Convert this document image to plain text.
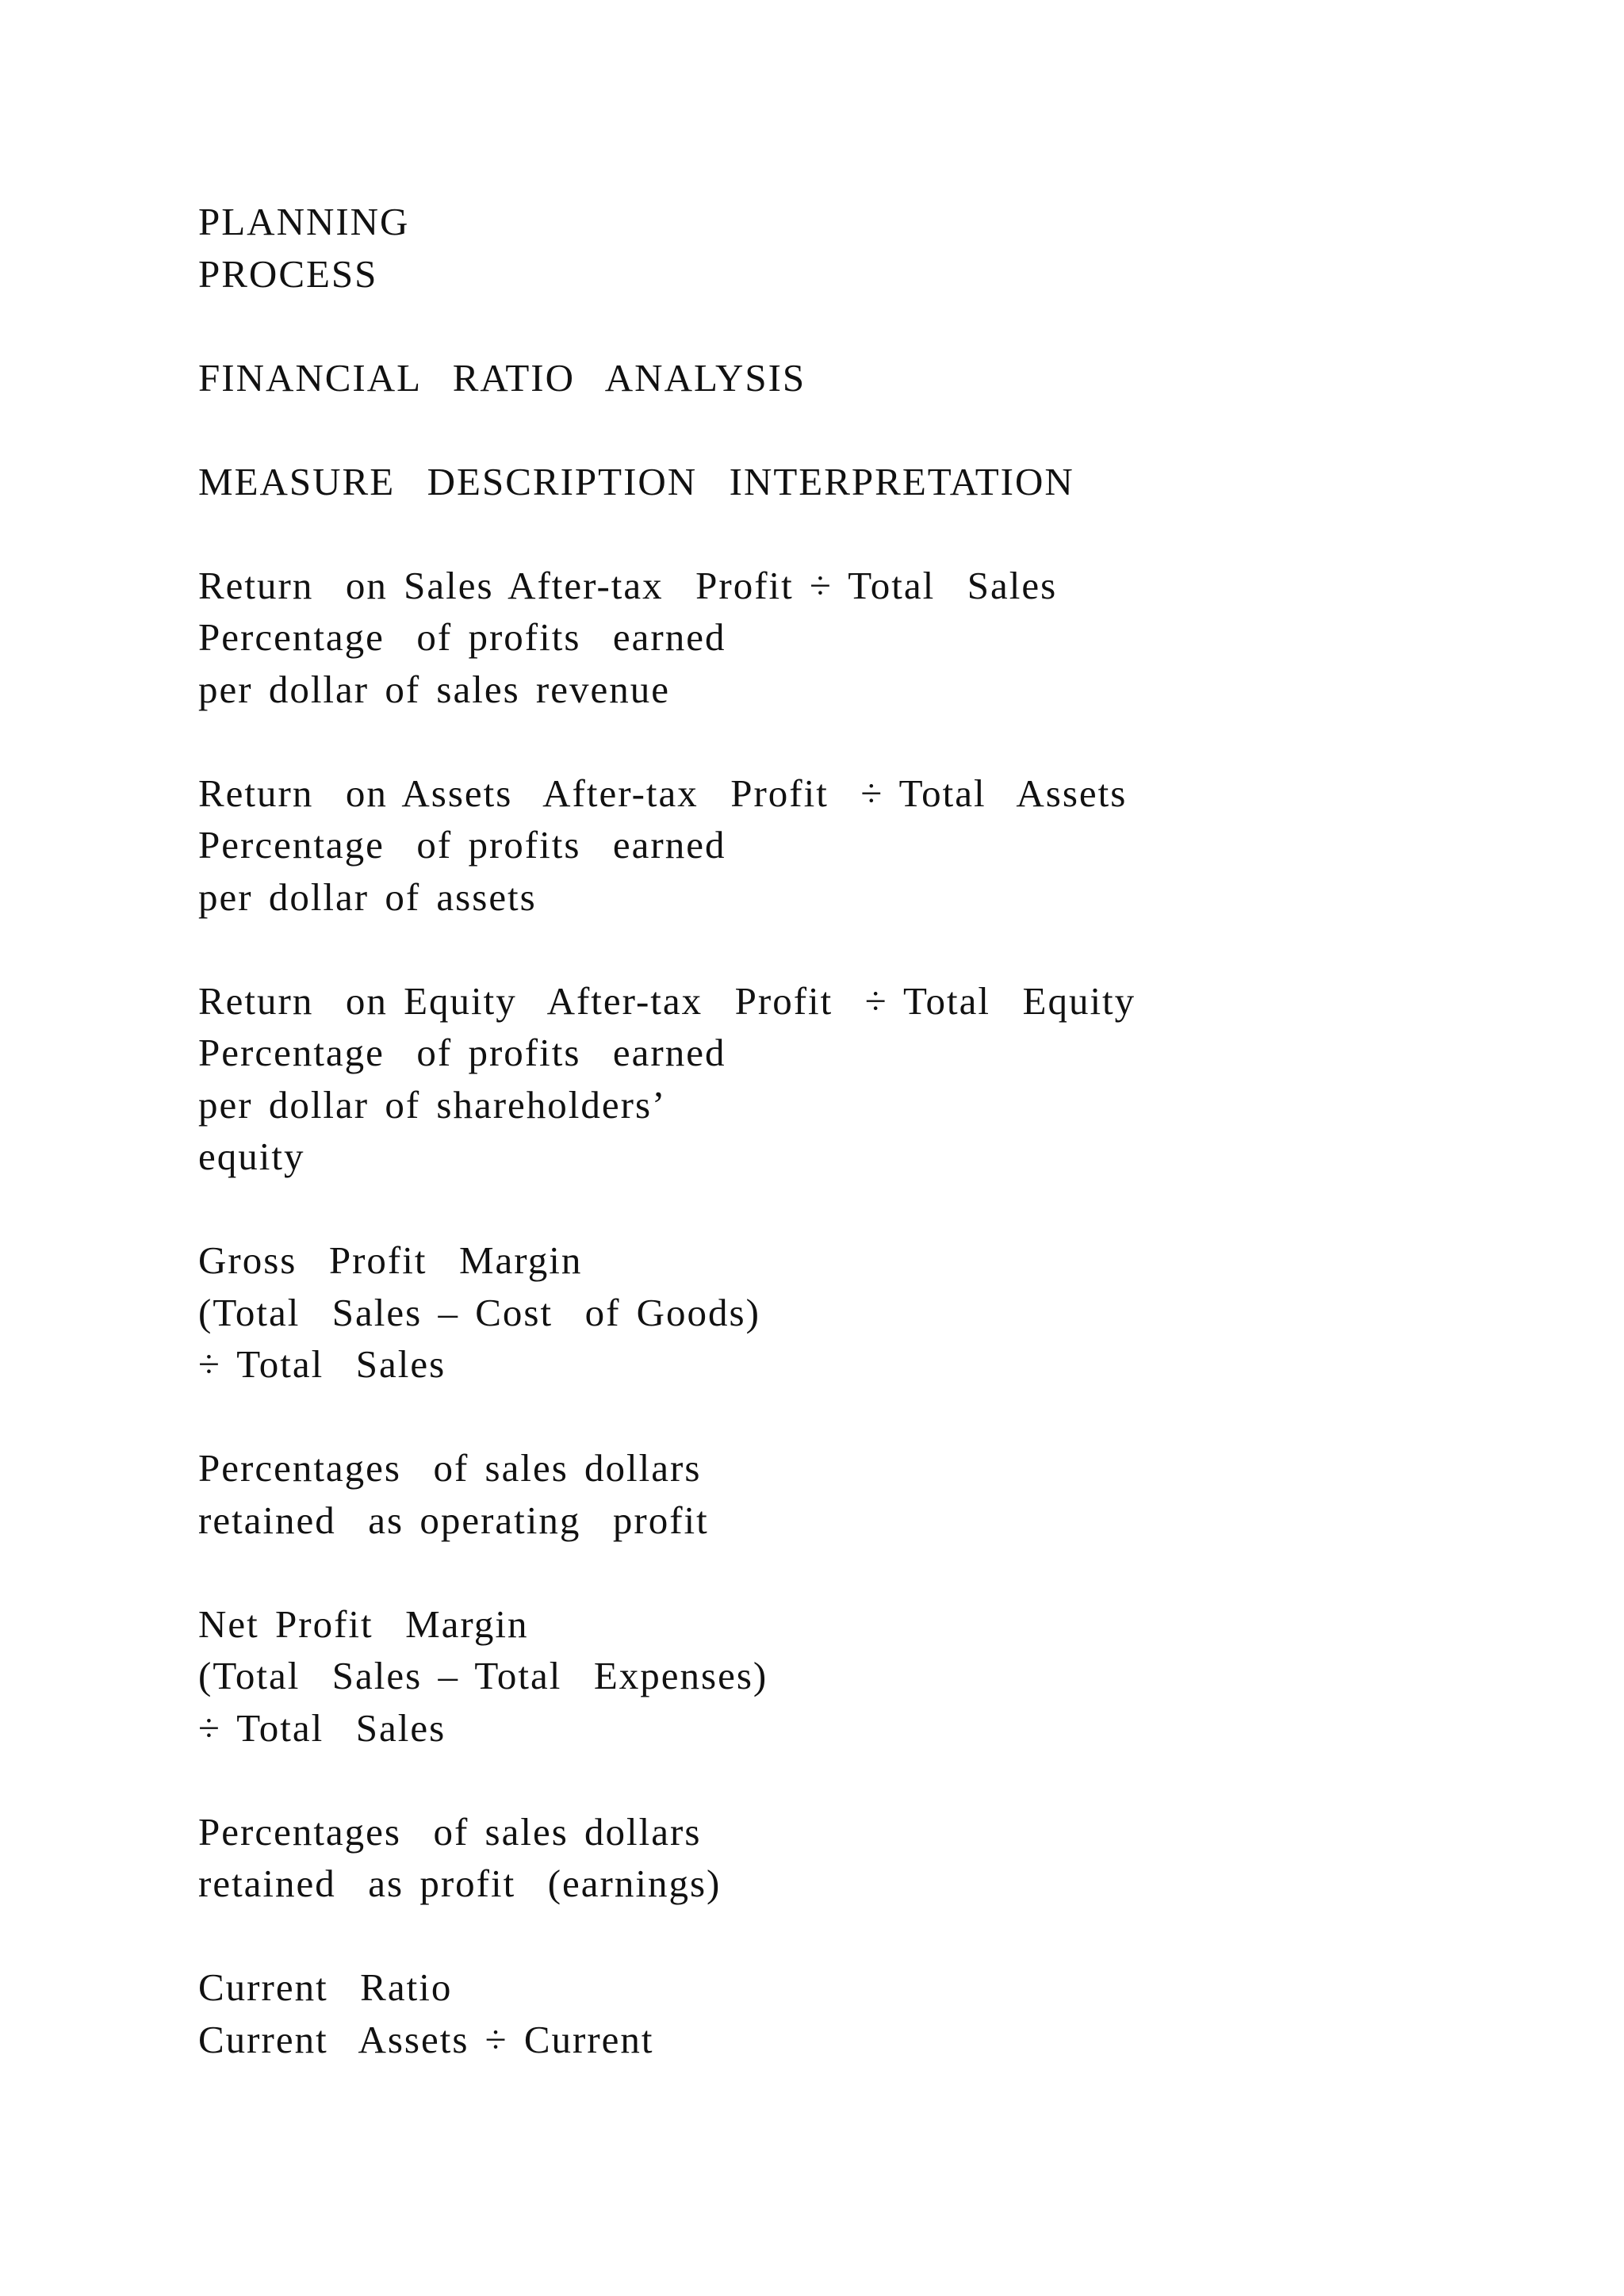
PLANNING
PROCESS
FINANCIAL  RATIO  ANALYSIS
MEASURE  DESCRIPTION  INTERPRETATION
Return  on Sales After-tax  Profit ÷ Total  Sales
Percentage  of profits  earned
per dollar of sales revenue
Return  on Assets  After-tax  Profit  ÷ Total  Assets
Percentage  of profits  earned
per dollar of assets
Return  on Equity  After-tax  Profit  ÷ Total  Equity
Percentage  of profits  earned
per dollar of shareholders’
equity
Gross  Profit  Margin
(Total  Sales – Cost  of Goods)
÷ Total  Sales
Percentages  of sales dollars
retained  as operating  profit
Net Profit  Margin
(Total  Sales – Total  Expenses)
÷ Total  Sales
Percentages  of sales dollars
retained  as profit  (earnings)
Current  Ratio
Current  Assets ÷ Current
